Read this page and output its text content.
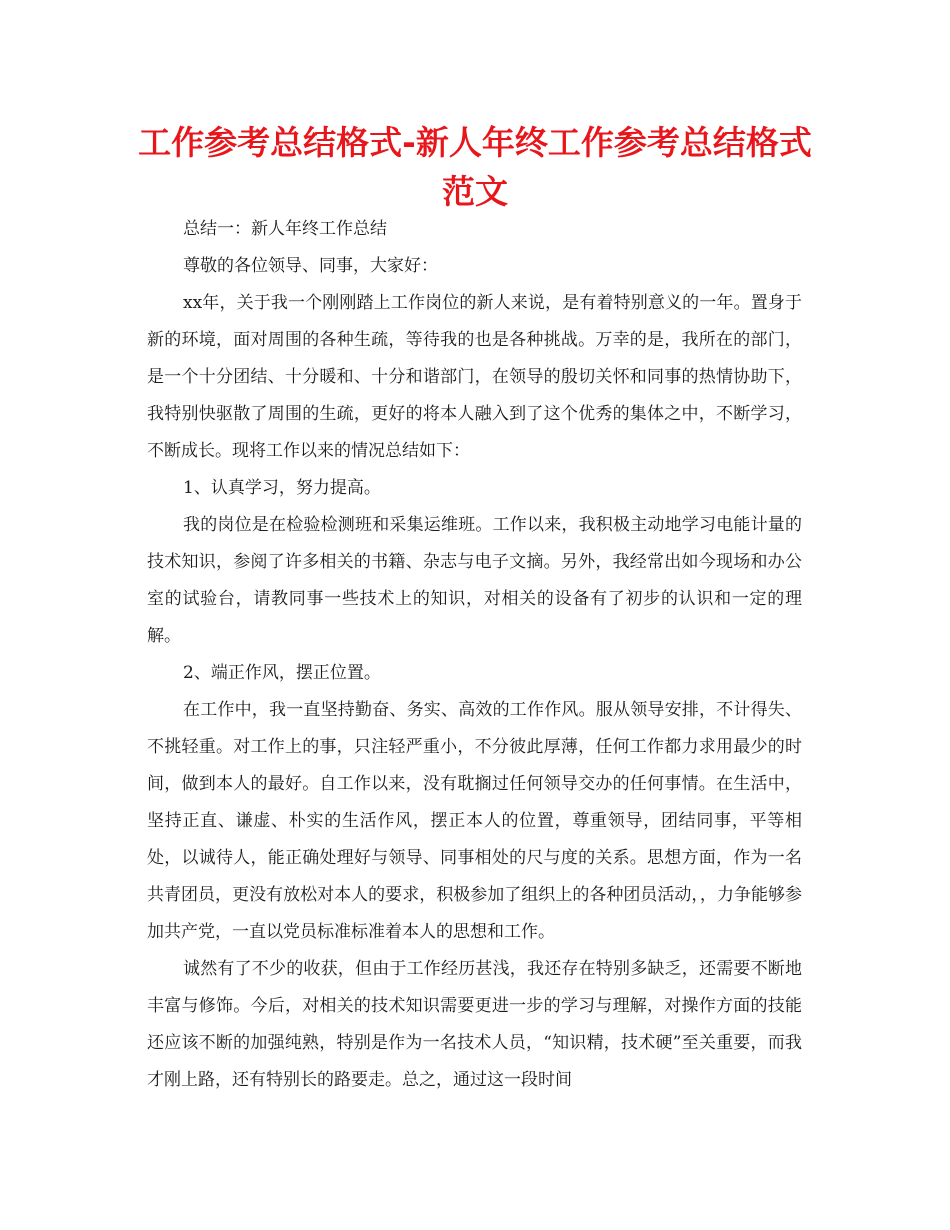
工作参考总结格式-新人年终工作参考总结格式范文

总结一：新人年终工作总结

尊敬的各位领导、同事，大家好：

xx年，关于我一个刚刚踏上工作岗位的新人来说，是有着特别意义的一年。置身于新的环境，面对周围的各种生疏，等待我的也是各种挑战。万幸的是，我所在的部门，是一个十分团结、十分暖和、十分和谐部门，在领导的殷切关怀和同事的热情协助下，我特别快驱散了周围的生疏，更好的将本人融入到了这个优秀的集体之中，不断学习，不断成长。现将工作以来的情况总结如下：

1、认真学习，努力提高。

我的岗位是在检验检测班和采集运维班。工作以来，我积极主动地学习电能计量的技术知识，参阅了许多相关的书籍、杂志与电子文摘。另外，我经常出如今现场和办公室的试验台，请教同事一些技术上的知识，对相关的设备有了初步的认识和一定的理解。

2、端正作风，摆正位置。

在工作中，我一直坚持勤奋、务实、高效的工作作风。服从领导安排，不计得失、不挑轻重。对工作上的事，只注轻严重小，不分彼此厚薄，任何工作都力求用最少的时间，做到本人的最好。自工作以来，没有耽搁过任何领导交办的任何事情。在生活中，坚持正直、谦虚、朴实的生活作风，摆正本人的位置，尊重领导，团结同事，平等相处，以诚待人，能正确处理好与领导、同事相处的尺与度的关系。思想方面，作为一名共青团员，更没有放松对本人的要求，积极参加了组织上的各种团员活动，，力争能够参加共产党，一直以党员标准标准着本人的思想和工作。

诚然有了不少的收获，但由于工作经历甚浅，我还存在特别多缺乏，还需要不断地丰富与修饰。今后，对相关的技术知识需要更进一步的学习与理解，对操作方面的技能还应该不断的加强纯熟，特别是作为一名技术人员，“知识精，技术硬”至关重要，而我才刚上路，还有特别长的路要走。总之，通过这一段时间
